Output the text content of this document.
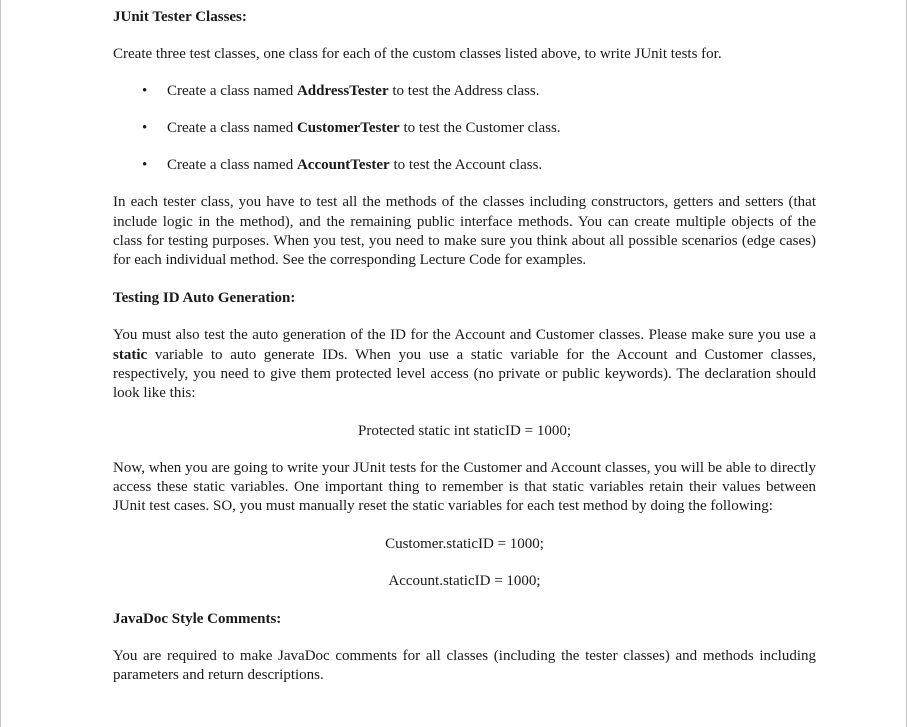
JUnit Tester Classes:

Create three test classes, one class for each of the custom classes listed above, to write JUnit tests for.

• Create a class named AddressTester to test the Address class.
• Create a class named CustomerTester to test the Customer class.
• Create a class named AccountTester to test the Account class.

In each tester class, you have to test all the methods of the classes including constructors, getters and setters (that include logic in the method), and the remaining public interface methods. You can create multiple objects of the class for testing purposes. When you test, you need to make sure you think about all possible scenarios (edge cases) for each individual method. See the corresponding Lecture Code for examples.

Testing ID Auto Generation:

You must also test the auto generation of the ID for the Account and Customer classes. Please make sure you use a static variable to auto generate IDs. When you use a static variable for the Account and Customer classes, respectively, you need to give them protected level access (no private or public keywords). The declaration should look like this:

Protected static int staticID = 1000;

Now, when you are going to write your JUnit tests for the Customer and Account classes, you will be able to directly access these static variables. One important thing to remember is that static variables retain their values between JUnit test cases. SO, you must manually reset the static variables for each test method by doing the following:

Customer.staticID = 1000;

Account.staticID = 1000;

JavaDoc Style Comments:

You are required to make JavaDoc comments for all classes (including the tester classes) and methods including parameters and return descriptions.
